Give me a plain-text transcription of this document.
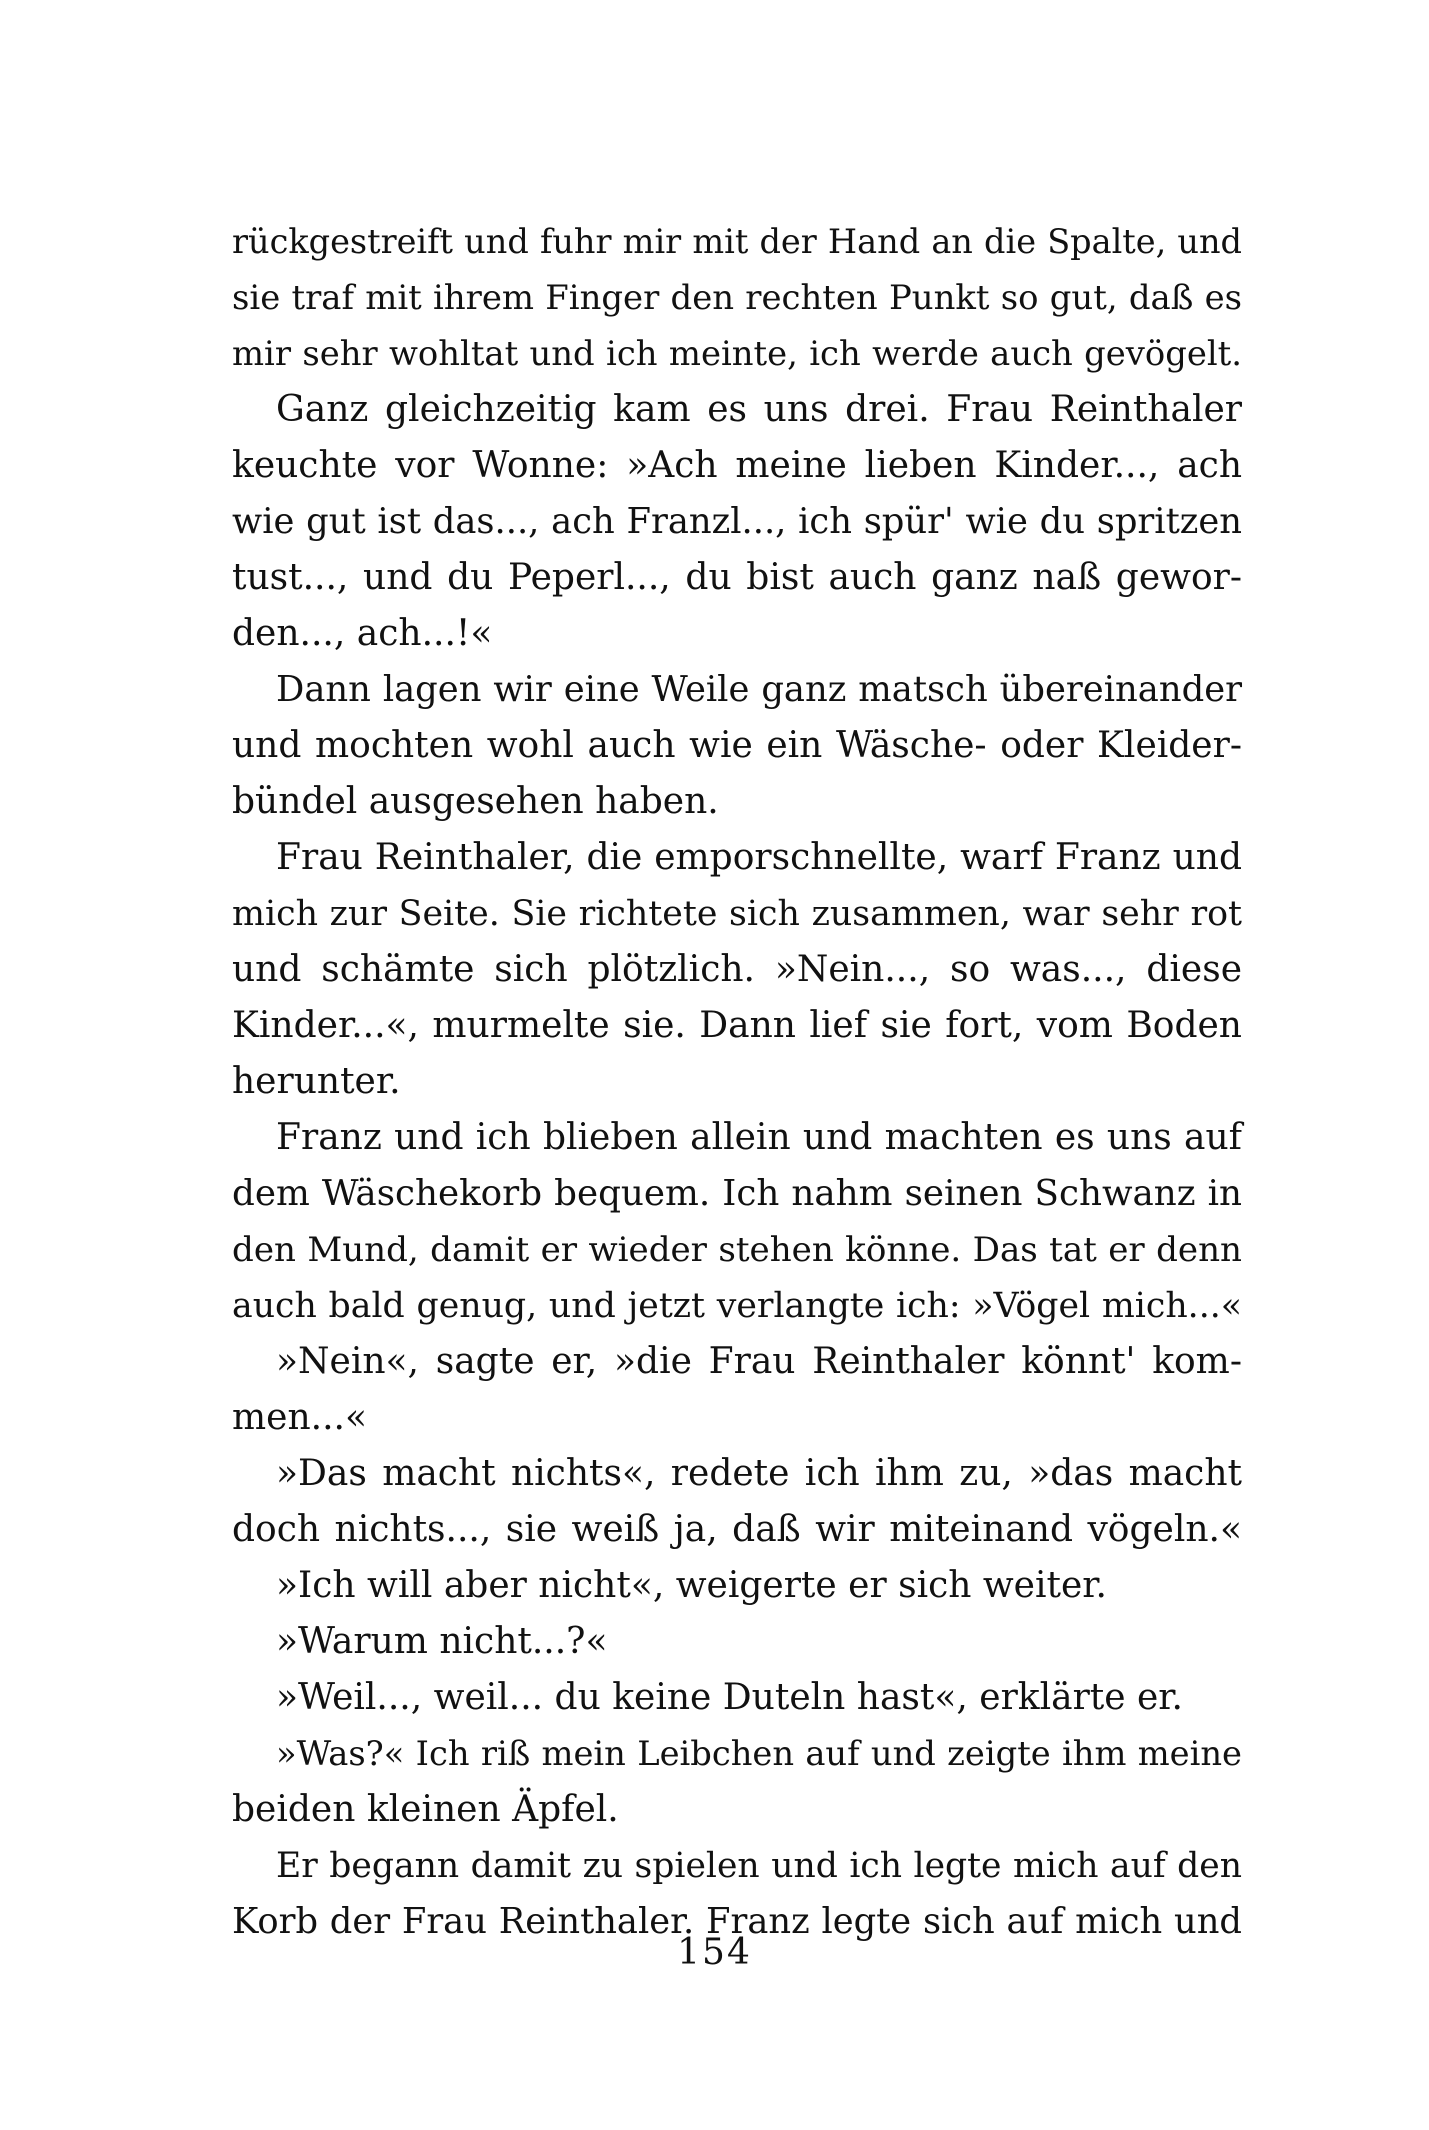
rückgestreift und fuhr mir mit der Hand an die Spalte, und
sie traf mit ihrem Finger den rechten Punkt so gut, daß es
mir sehr wohltat und ich meinte, ich werde auch gevögelt.
Ganz gleichzeitig kam es uns drei. Frau Reinthaler
keuchte vor Wonne: »Ach meine lieben Kinder..., ach
wie gut ist das..., ach Franzl..., ich spür' wie du spritzen
tust..., und du Peperl..., du bist auch ganz naß gewor-
den..., ach...!«
Dann lagen wir eine Weile ganz matsch übereinander
und mochten wohl auch wie ein Wäsche- oder Kleider-
bündel ausgesehen haben.
Frau Reinthaler, die emporschnellte, warf Franz und
mich zur Seite. Sie richtete sich zusammen, war sehr rot
und schämte sich plötzlich. »Nein..., so was..., diese
Kinder...«, murmelte sie. Dann lief sie fort, vom Boden
herunter.
Franz und ich blieben allein und machten es uns auf
dem Wäschekorb bequem. Ich nahm seinen Schwanz in
den Mund, damit er wieder stehen könne. Das tat er denn
auch bald genug, und jetzt verlangte ich: »Vögel mich...«
»Nein«, sagte er, »die Frau Reinthaler könnt' kom-
men...«
»Das macht nichts«, redete ich ihm zu, »das macht
doch nichts..., sie weiß ja, daß wir miteinand vögeln.«
»Ich will aber nicht«, weigerte er sich weiter.
»Warum nicht...?«
»Weil..., weil... du keine Duteln hast«, erklärte er.
»Was?« Ich riß mein Leibchen auf und zeigte ihm meine
beiden kleinen Äpfel.
Er begann damit zu spielen und ich legte mich auf den
Korb der Frau Reinthaler. Franz legte sich auf mich und
154
